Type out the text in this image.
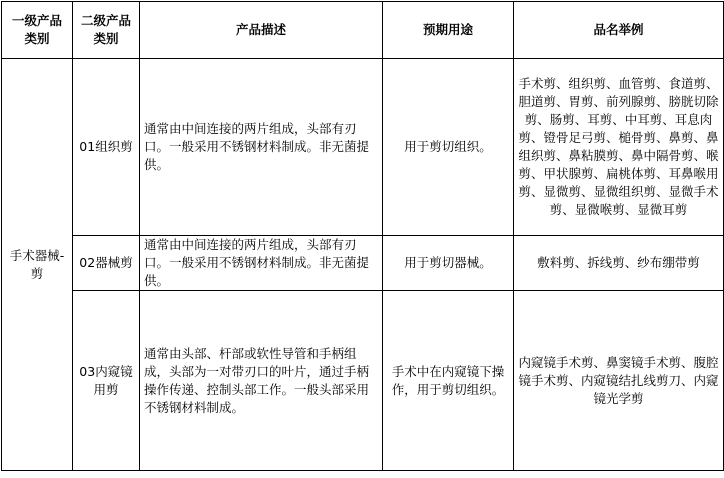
一级产品类别	二级产品类别	产品描述	预期用途	品名举例
手术器械-剪	01组织剪	通常由中间连接的两片组成，头部有刃口。一般采用不锈钢材料制成。非无菌提供。	用于剪切组织。	手术剪、组织剪、血管剪、食道剪、胆道剪、胃剪、前列腺剪、膀胱切除剪、肠剪、耳剪、中耳剪、耳息肉剪、镫骨足弓剪、槌骨剪、鼻剪、鼻组织剪、鼻粘膜剪、鼻中隔骨剪、喉剪、甲状腺剪、扁桃体剪、耳鼻喉用剪、显微剪、显微组织剪、显微手术剪、显微喉剪、显微耳剪
	02器械剪	通常由中间连接的两片组成，头部有刃口。一般采用不锈钢材料制成。非无菌提供。	用于剪切器械。	敷料剪、拆线剪、纱布绷带剪
	03内窥镜用剪	通常由头部、杆部或软性导管和手柄组成，头部为一对带刃口的叶片，通过手柄操作传递、控制头部工作。一般头部采用不锈钢材料制成。	手术中在内窥镜下操作，用于剪切组织。	内窥镜手术剪、鼻窦镜手术剪、腹腔镜手术剪、内窥镜结扎线剪刀、内窥镜光学剪
